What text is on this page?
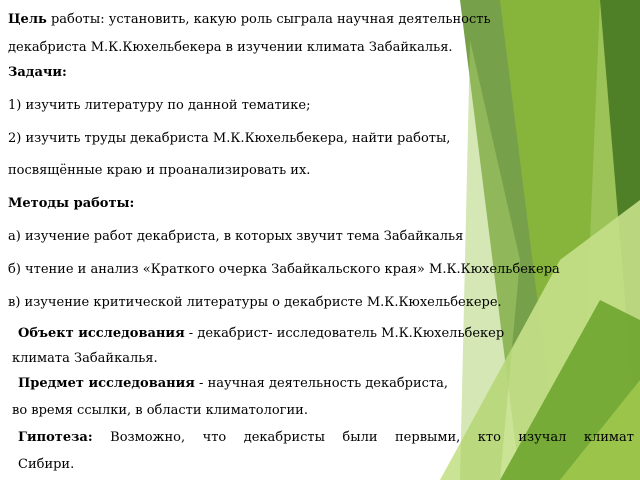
Цель работы: установить, какую роль сыграла научная деятельность
декабриста М.К.Кюхельбекера в изучении климата Забайкалья.
Задачи:
1) изучить литературу по данной тематике;
2) изучить труды декабриста М.К.Кюхельбекера, найти работы,
посвящённые краю и проанализировать их.
Методы работы:
а) изучение работ декабриста, в которых звучит тема Забайкалья
б) чтение и анализ «Краткого очерка Забайкальского края» М.К.Кюхельбекера
в) изучение критической литературы о декабристе М.К.Кюхельбекере.
Объект исследования - декабрист- исследователь М.К.Кюхельбекер
климата Забайкалья.
Предмет исследования - научная деятельность декабриста,
во время ссылки, в области климатологии.
Гипотеза: Возможно, что декабристы были первыми, кто изучал климат
Сибири.
